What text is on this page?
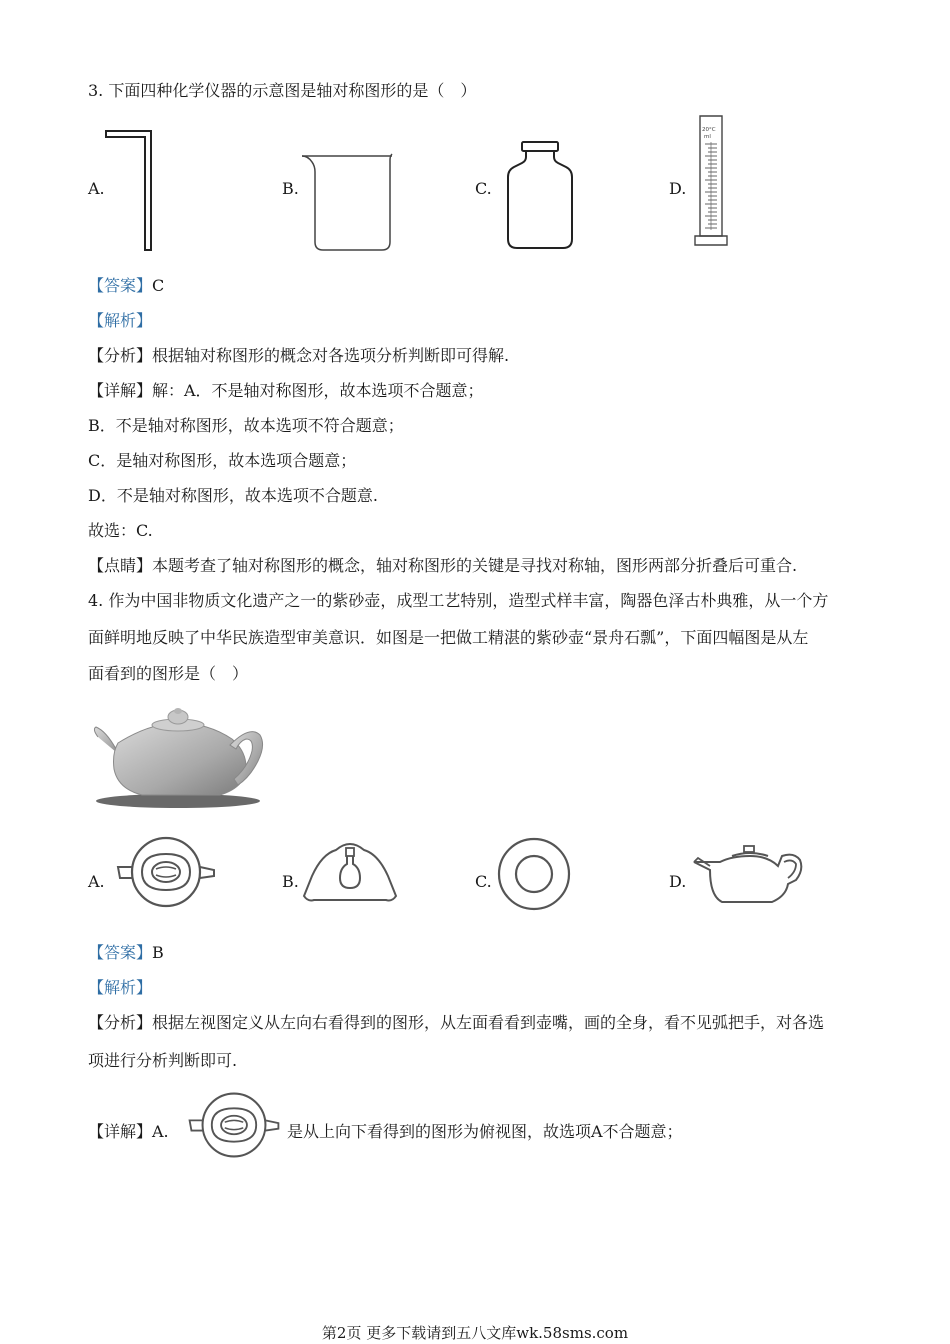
3. 下面四种化学仪器的示意图是轴对称图形的是（　）
A.	B.	C.	D.
20°C
ml
【答案】C
【解析】
【分析】根据轴对称图形的概念对各选项分析判断即可得解.
【详解】解：A．不是轴对称图形，故本选项不合题意；
B．不是轴对称图形，故本选项不符合题意；
C．是轴对称图形，故本选项合题意；
D．不是轴对称图形，故本选项不合题意.
故选：C.
【点睛】本题考查了轴对称图形的概念，轴对称图形的关键是寻找对称轴，图形两部分折叠后可重合.
4. 作为中国非物质文化遗产之一的紫砂壶，成型工艺特别，造型式样丰富，陶器色泽古朴典雅，从一个方
面鲜明地反映了中华民族造型审美意识．如图是一把做工精湛的紫砂壶“景舟石瓢”，下面四幅图是从左
面看到的图形是（　）
A.	B.	C.	D.
【答案】B
【解析】
【分析】根据左视图定义从左向右看得到的图形，从左面看看到壶嘴，画的全身，看不见弧把手，对各选
项进行分析判断即可.
【详解】A.	是从上向下看得到的图形为俯视图，故选项A不合题意；
第2页 更多下载请到五八文库wk.58sms.com
